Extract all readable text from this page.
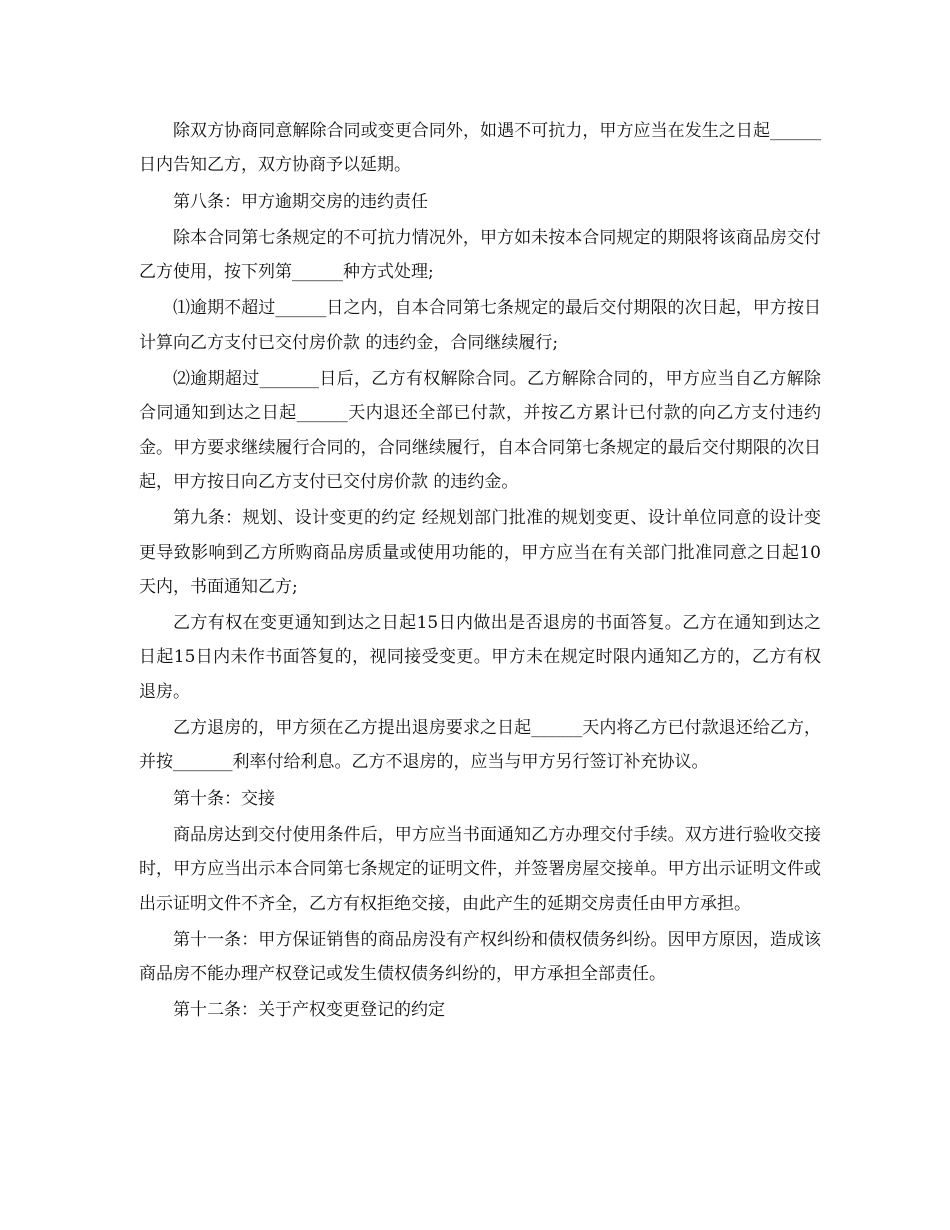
除双方协商同意解除合同或变更合同外，如遇不可抗力，甲方应当在发生之日起______日内告知乙方，双方协商予以延期。

第八条：甲方逾期交房的违约责任

除本合同第七条规定的不可抗力情况外，甲方如未按本合同规定的期限将该商品房交付乙方使用，按下列第______种方式处理;

⑴逾期不超过______日之内，自本合同第七条规定的最后交付期限的次日起，甲方按日计算向乙方支付已交付房价款 的违约金，合同继续履行;

⑵逾期超过_______日后，乙方有权解除合同。乙方解除合同的，甲方应当自乙方解除合同通知到达之日起______天内退还全部已付款，并按乙方累计已付款的向乙方支付违约金。甲方要求继续履行合同的，合同继续履行，自本合同第七条规定的最后交付期限的次日起，甲方按日向乙方支付已交付房价款 的违约金。

第九条：规划、设计变更的约定 经规划部门批准的规划变更、设计单位同意的设计变更导致影响到乙方所购商品房质量或使用功能的，甲方应当在有关部门批准同意之日起10天内，书面通知乙方;

乙方有权在变更通知到达之日起15日内做出是否退房的书面答复。乙方在通知到达之日起15日内未作书面答复的，视同接受变更。甲方未在规定时限内通知乙方的，乙方有权退房。

乙方退房的，甲方须在乙方提出退房要求之日起______天内将乙方已付款退还给乙方，并按_______利率付给利息。乙方不退房的，应当与甲方另行签订补充协议。

第十条：交接

商品房达到交付使用条件后，甲方应当书面通知乙方办理交付手续。双方进行验收交接时，甲方应当出示本合同第七条规定的证明文件，并签署房屋交接单。甲方出示证明文件或出示证明文件不齐全，乙方有权拒绝交接，由此产生的延期交房责任由甲方承担。

第十一条：甲方保证销售的商品房没有产权纠纷和债权债务纠纷。因甲方原因，造成该商品房不能办理产权登记或发生债权债务纠纷的，甲方承担全部责任。

第十二条：关于产权变更登记的约定
